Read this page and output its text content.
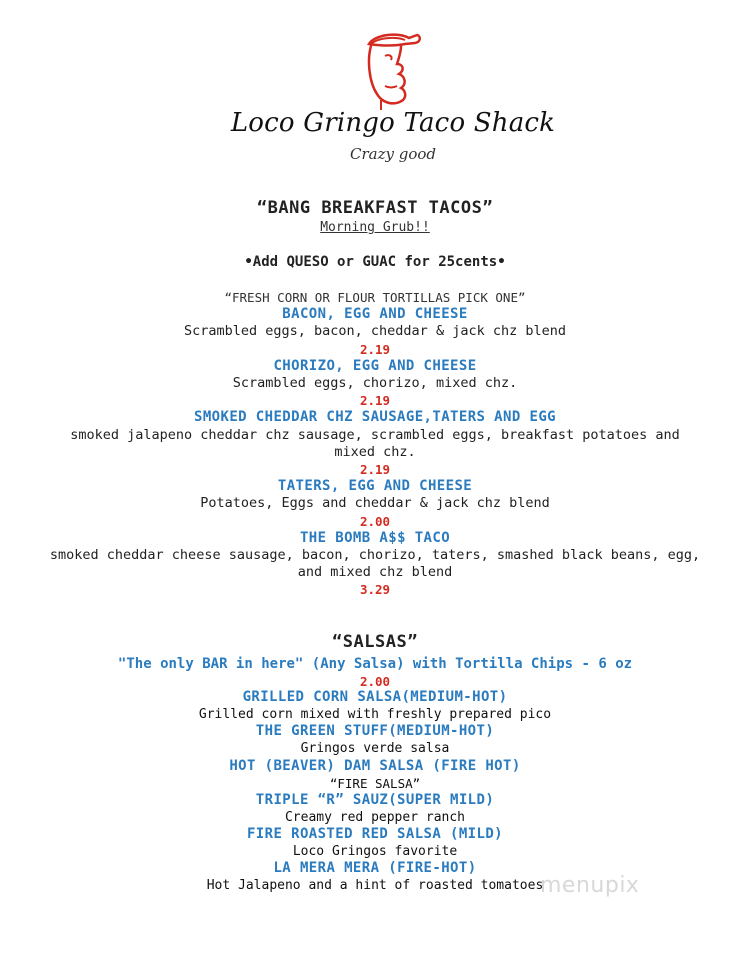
Loco Gringo Taco Shack
Crazy good
“BANG BREAKFAST TACOS”
Morning Grub!!
•Add QUESO or GUAC for 25cents•
“FRESH CORN OR FLOUR TORTILLAS PICK ONE”
BACON, EGG AND CHEESE
Scrambled eggs, bacon, cheddar & jack chz blend
2.19
CHORIZO, EGG AND CHEESE
Scrambled eggs, chorizo, mixed chz.
2.19
SMOKED CHEDDAR CHZ SAUSAGE,TATERS AND EGG
smoked jalapeno cheddar chz sausage, scrambled eggs, breakfast potatoes and
mixed chz.
2.19
TATERS, EGG AND CHEESE
Potatoes, Eggs and cheddar & jack chz blend
2.00
THE BOMB A$$ TACO
smoked cheddar cheese sausage, bacon, chorizo, taters, smashed black beans, egg,
and mixed chz blend
3.29
“SALSAS”
"The only BAR in here" (Any Salsa) with Tortilla Chips - 6 oz
2.00
GRILLED CORN SALSA(MEDIUM-HOT)
Grilled corn mixed with freshly prepared pico
THE GREEN STUFF(MEDIUM-HOT)
Gringos verde salsa
HOT (BEAVER) DAM SALSA (FIRE HOT)
“FIRE SALSA”
TRIPLE “R” SAUZ(SUPER MILD)
Creamy red pepper ranch
FIRE ROASTED RED SALSA (MILD)
Loco Gringos favorite
LA MERA MERA (FIRE-HOT)
Hot Jalapeno and a hint of roasted tomatoes
menupix
